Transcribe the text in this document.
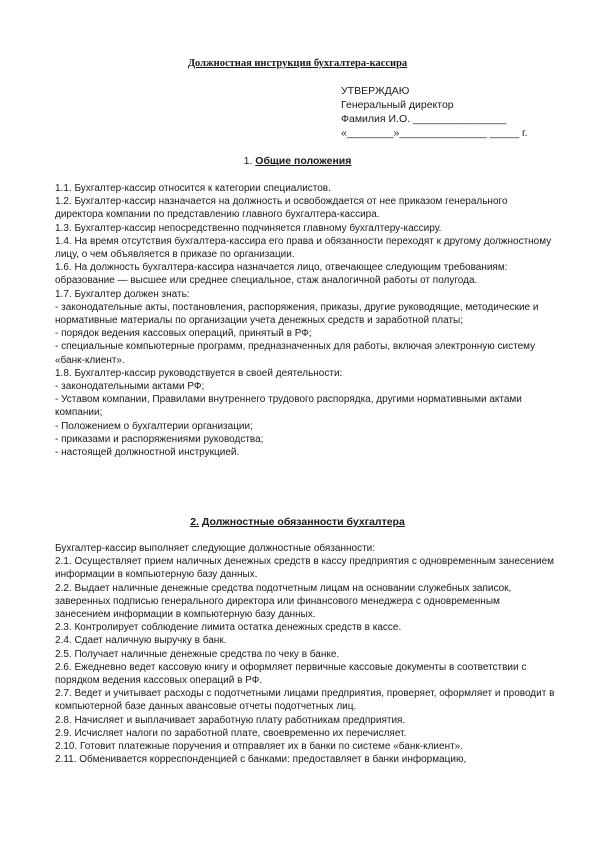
Должностная инструкция бухгалтера-кассира
УТВЕРЖДАЮ
Генеральный директор
Фамилия И.О. ________________
«________»_______________ _____ г.
1. Общие положения

1.1. Бухгалтер-кассир относится к категории специалистов.

1.2. Бухгалтер-кассир назначается на должность и освобождается от нее приказом генерального директора компании по представлению главного бухгалтера-кассира.

1.3. Бухгалтер-кассир непосредственно подчиняется главному бухгалтеру-кассиру.

1.4. На время отсутствия бухгалтера-кассира его права и обязанности переходят к другому должностному лицу, о чем объявляется в приказе по организации.

1.6. На должность бухгалтера-кассира назначается лицо, отвечающее следующим требованиям: образование — высшее или среднее специальное, стаж аналогичной работы от полугода.

1.7. Бухгалтер должен знать:

- законодательные акты, постановления, распоряжения, приказы, другие руководящие, методические и нормативные материалы по организации учета денежных средств и заработной платы;

- порядок ведения кассовых операций, принятый в РФ;

- специальные компьютерные программ, предназначенных для работы, включая электронную систему «банк-клиент».

1.8. Бухгалтер-кассир руководствуется в своей деятельности:

- законодательными актами РФ;

- Уставом компании, Правилами внутреннего трудового распорядка, другими нормативными актами компании;

- Положением о бухгалтерии организации;

- приказами и распоряжениями руководства;

- настоящей должностной инструкцией.

2. Должностные обязанности бухгалтера

Бухгалтер-кассир выполняет следующие должностные обязанности:

2.1. Осуществляет прием наличных денежных средств в кассу предприятия с одновременным занесением информации в компьютерную базу данных.

2.2. Выдает наличные денежные средства подотчетным лицам на основании служебных записок, заверенных подписью генерального директора или финансового менеджера с одновременным занесением информации в компьютерную базу данных.

2.3. Контролирует соблюдение лимита остатка денежных средств в кассе.

2.4. Сдает наличную выручку в банк.

2.5. Получает наличные денежные средства по чеку в банке.

2.6. Ежедневно ведет кассовую книгу и оформляет первичные кассовые документы в соответствии с порядком ведения кассовых операций в РФ.

2.7. Ведет и учитывает расходы с подотчетными лицами предприятия, проверяет, оформляет и проводит в компьютерной базе данных авансовые отчеты подотчетных лиц.

2.8. Начисляет и выплачивает заработную плату работникам предприятия.

2.9. Исчисляет налоги по заработной плате, своевременно их перечисляет.

2.10. Готовит платежные поручения и отправляет их в банки по системе «банк-клиент».

2.11. Обменивается корреспонденцией с банками: предоставляет в банки информацию,
